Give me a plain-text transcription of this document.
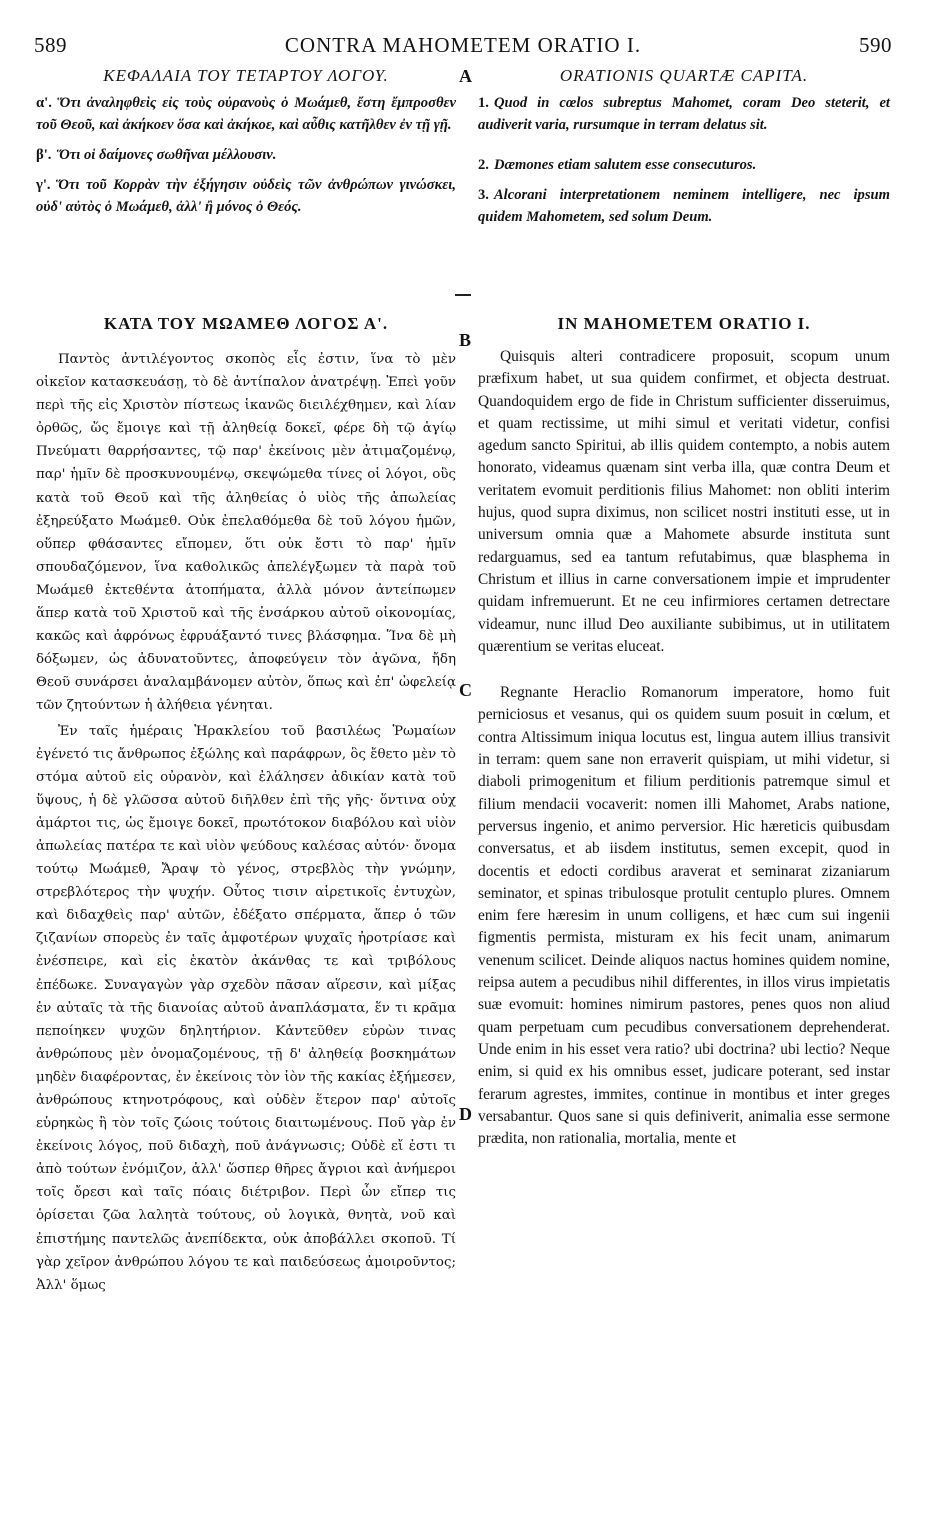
589	CONTRA MAHOMETEM ORATIO I.	590
ΚΕΦΑΛΑΙΑ ΤΟΥ ΤΕΤΑΡΤΟΥ ΛΟΓΟΥ.
α'. Ὅτι ἀναληφθεὶς εἰς τοὺς οὐρανοὺς ὁ Μωάμεθ, ἔστη ἔμπροσθεν τοῦ Θεοῦ, καὶ ἀκήκοεν ὅσα καὶ ἀκήκοε, καὶ αὖθις κατῆλθεν ἐν τῇ γῇ.
β'. Ὅτι οἱ δαίμονες σωθῆναι μέλλουσιν.
γ'. Ὅτι τοῦ Κορρὰν τὴν ἐξήγησιν οὐδεὶς τῶν ἀνθρώπων γινώσκει, οὐδ' αὐτὸς ὁ Μωάμεθ, ἀλλ' ἢ μόνος ὁ Θεός.
ΚΑΤΑ ΤΟΥ ΜΩΑΜΕΘ ΛΟΓΟΣ Α'.

Παντὸς ἀντιλέγοντος σκοπὸς εἷς ἐστιν, ἵνα τὸ μὲν οἰκεῖον κατασκευάσῃ, τὸ δὲ ἀντίπαλον ἀνατρέψῃ. Ἐπεὶ γοῦν περὶ τῆς εἰς Χριστὸν πίστεως ἱκανῶς διειλέχθημεν, καὶ λίαν ὀρθῶς, ὥς ἔμοιγε καὶ τῇ ἀληθείᾳ δοκεῖ, φέρε δὴ τῷ ἁγίῳ Πνεύματι θαρρήσαντες, τῷ παρ' ἐκείνοις μὲν ἀτιμαζομένῳ, παρ' ἡμῖν δὲ προσκυνουμένῳ, σκεψώμεθα τίνες οἱ λόγοι, οὓς κατὰ τοῦ Θεοῦ καὶ τῆς ἀληθείας ὁ υἱὸς τῆς ἀπωλείας ἐξηρεύξατο Μωάμεθ. Οὐκ ἐπελαθόμεθα δὲ τοῦ λόγου ἡμῶν, οὕπερ φθάσαντες εἴπομεν, ὅτι οὐκ ἔστι τὸ παρ' ἡμῖν σπουδαζόμενον, ἵνα καθολικῶς ἀπελέγξωμεν τὰ παρὰ τοῦ Μωάμεθ ἐκτεθέντα ἀτοπήματα, ἀλλὰ μόνον ἀντείπωμεν ἅπερ κατὰ τοῦ Χριστοῦ καὶ τῆς ἐνσάρκου αὐτοῦ οἰκονομίας, κακῶς καὶ ἀφρόνως ἐφρυάξαντό τινες βλάσφημα. Ἵνα δὲ μὴ δόξωμεν, ὡς ἀδυνατοῦντες, ἀποφεύγειν τὸν ἀγῶνα, ἤδη Θεοῦ συνάρσει ἀναλαμβάνομεν αὐτὸν, ὅπως καὶ ἐπ' ὠφελείᾳ τῶν ζητούντων ἡ ἀλήθεια γένηται.

Ἐν ταῖς ἡμέραις Ἡρακλείου τοῦ βασιλέως Ῥωμαίων ἐγένετό τις ἄνθρωπος ἐξώλης καὶ παράφρων, ὃς ἔθετο μὲν τὸ στόμα αὐτοῦ εἰς οὐρανὸν, καὶ ἐλάλησεν ἀδικίαν κατὰ τοῦ ὕψους, ἡ δὲ γλῶσσα αὐτοῦ διῆλθεν ἐπὶ τῆς γῆς· ὅντινα οὐχ ἁμάρτοι τις, ὡς ἔμοιγε δοκεῖ, πρωτότοκον διαβόλου καὶ υἱὸν ἀπωλείας πατέρα τε καὶ υἱὸν ψεύδους καλέσας αὐτόν· ὄνομα τούτῳ Μωάμεθ, Ἄραψ τὸ γένος, στρεβλὸς τὴν γνώμην, στρεβλότερος τὴν ψυχήν. Οὗτος τισιν αἱρετικοῖς ἐντυχὼν, καὶ διδαχθεὶς παρ' αὐτῶν, ἐδέξατο σπέρματα, ἅπερ ὁ τῶν ζιζανίων σπορεὺς ἐν ταῖς ἀμφοτέρων ψυχαῖς ἠροτρίασε καὶ ἐνέσπειρε, καὶ εἰς ἑκατὸν ἀκάνθας τε καὶ τριβόλους ἐπέδωκε. Συναγαγὼν γὰρ σχεδὸν πᾶσαν αἵρεσιν, καὶ μίξας ἐν αὐταῖς τὰ τῆς διανοίας αὐτοῦ ἀναπλάσματα, ἕν τι κρᾶμα πεποίηκεν ψυχῶν δηλητήριον. Κἀντεῦθεν εὑρὼν τινας ἀνθρώπους μὲν ὀνομαζομένους, τῇ δ' ἀληθείᾳ βοσκημάτων μηδὲν διαφέροντας, ἐν ἐκείνοις τὸν ἰὸν τῆς κακίας ἐξήμεσεν, ἀνθρώπους κτηνοτρόφους, καὶ οὐδὲν ἕτερον παρ' αὐτοῖς εὑρηκὼς ἢ τὸν τοῖς ζώοις τούτοις διαιτωμένους. Ποῦ γὰρ ἐν ἐκείνοις λόγος, ποῦ διδαχὴ, ποῦ ἀνάγνωσις; Οὐδὲ εἴ ἐστι τι ἀπὸ τούτων ἐνόμιζον, ἀλλ' ὥσπερ θῆρες ἄγριοι καὶ ἀνήμεροι τοῖς ὄρεσι καὶ ταῖς πόαις διέτριβον. Περὶ ὧν εἴπερ τις ὁρίσεται ζῶα λαλητὰ τούτους, οὐ λογικὰ, θνητὰ, νοῦ καὶ ἐπιστήμης παντελῶς ἀνεπίδεκτα, οὐκ ἀποβάλλει σκοποῦ. Τί γὰρ χεῖρον ἀνθρώπου λόγου τε καὶ παιδεύσεως ἀμοιροῦντος; Ἀλλ' ὅμως

ORATIONIS QUARTÆ CAPITA.
1. Quod in cœlos subreptus Mahomet, coram Deo steterit, et audiverit varia, rursumque in terram delatus sit.
2. Dæmones etiam salutem esse consecuturos.
3. Alcorani interpretationem neminem intelligere, nec ipsum quidem Mahometem, sed solum Deum.
IN MAHOMETEM ORATIO I.

Quisquis alteri contradicere proposuit, scopum unum præfixum habet, ut sua quidem confirmet, et objecta destruat. Quandoquidem ergo de fide in Christum sufficienter disseruimus, et quam rectissime, ut mihi simul et veritati videtur, confisi agedum sancto Spiritui, ab illis quidem contempto, a nobis autem honorato, videamus quænam sint verba illa, quæ contra Deum et veritatem evomuit perditionis filius Mahomet: non obliti interim hujus, quod supra diximus, non scilicet nostri instituti esse, ut in universum omnia quæ a Mahomete absurde instituta sunt redarguamus, sed ea tantum refutabimus, quæ blasphema in Christum et illius in carne conversationem impie et imprudenter quidam infremuerunt. Et ne ceu infirmiores certamen detrectare videamur, nunc illud Deo auxiliante subibimus, ut in utilitatem quærentium se veritas eluceat.

Regnante Heraclio Romanorum imperatore, homo fuit perniciosus et vesanus, qui os quidem suum posuit in cœlum, et contra Altissimum iniqua locutus est, lingua autem illius transivit in terram: quem sane non erraverit quispiam, ut mihi videtur, si diaboli primogenitum et filium perditionis patremque simul et filium mendacii vocaverit: nomen illi Mahomet, Arabs natione, perversus ingenio, et animo perversior. Hic hæreticis quibusdam conversatus, et ab iisdem institutus, semen excepit, quod in docentis et edocti cordibus araverat et seminarat zizaniarum seminator, et spinas tribulosque protulit centuplo plures. Omnem enim fere hæresim in unum colligens, et hæc cum sui ingenii figmentis permista, misturam ex his fecit unam, animarum venenum scilicet. Deinde aliquos nactus homines quidem nomine, reipsa autem a pecudibus nihil differentes, in illos virus impietatis suæ evomuit: homines nimirum pastores, penes quos non aliud quam perpetuam cum pecudibus conversationem deprehenderat. Unde enim in his esset vera ratio? ubi doctrina? ubi lectio? Neque enim, si quid ex his omnibus esset, judicare poterant, sed instar ferarum agrestes, immites, continue in montibus et inter greges versabantur. Quos sane si quis definiverit, animalia esse sermone prædita, non rationalia, mortalia, mente et

A
B
C
D
